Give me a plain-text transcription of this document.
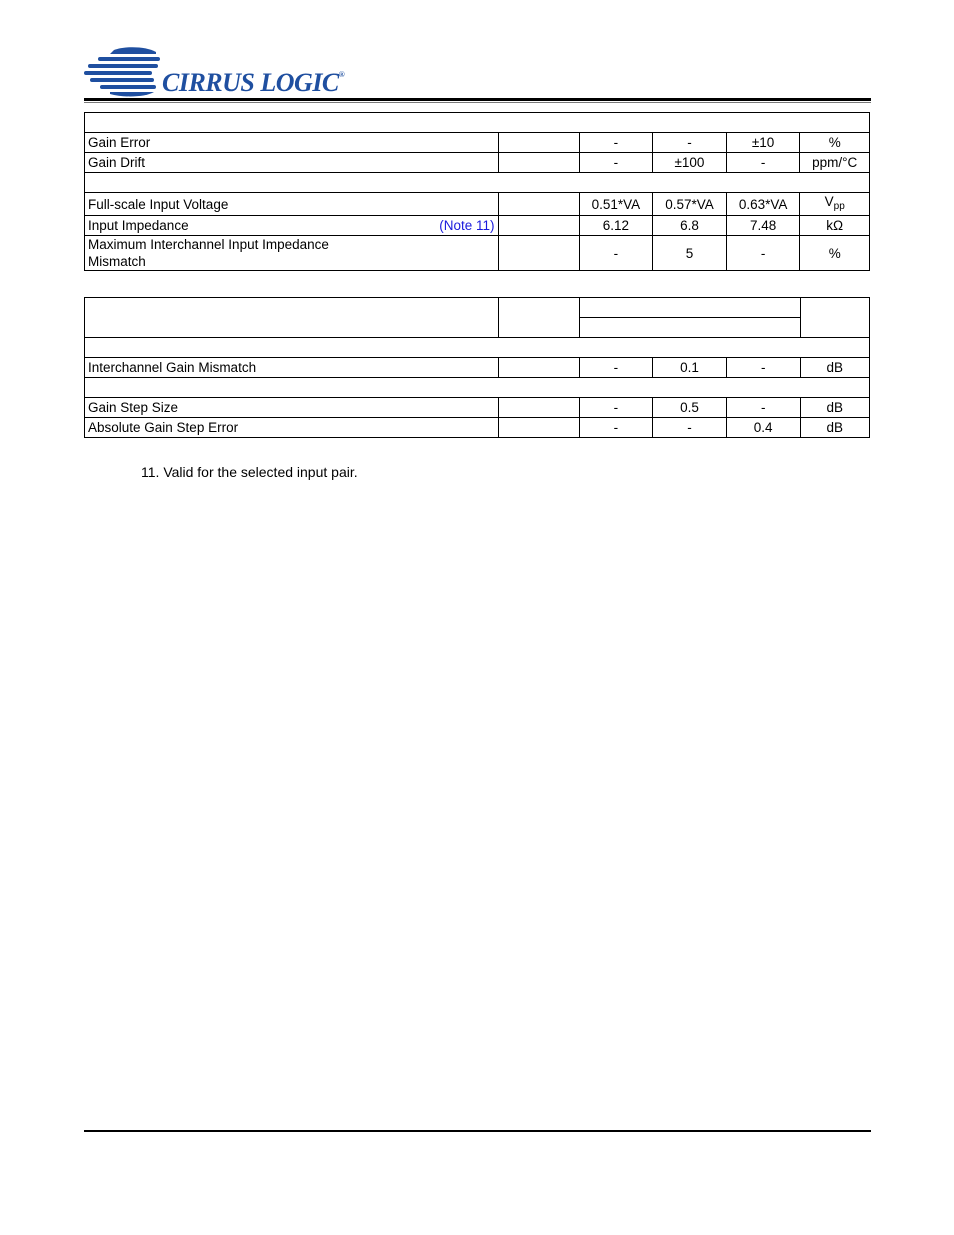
CIRRUS LOGIC®

Gain Error		-	-	±10	%
Gain Drift		-	±100	-	ppm/°C

Full-scale Input Voltage		0.51*VA	0.57*VA	0.63*VA	$V_{pp}$
Input Impedance (Note 11)		6.12	6.8	7.48	kΩ

Maximum Interchannel Input Impedance
Mismatch		-	5	-	%

Interchannel Gain Mismatch		-	0.1	-	dB

Gain Step Size		-	0.5	-	dB
Absolute Gain Step Error		-	-	0.4	dB
11. Valid for the selected input pair.
